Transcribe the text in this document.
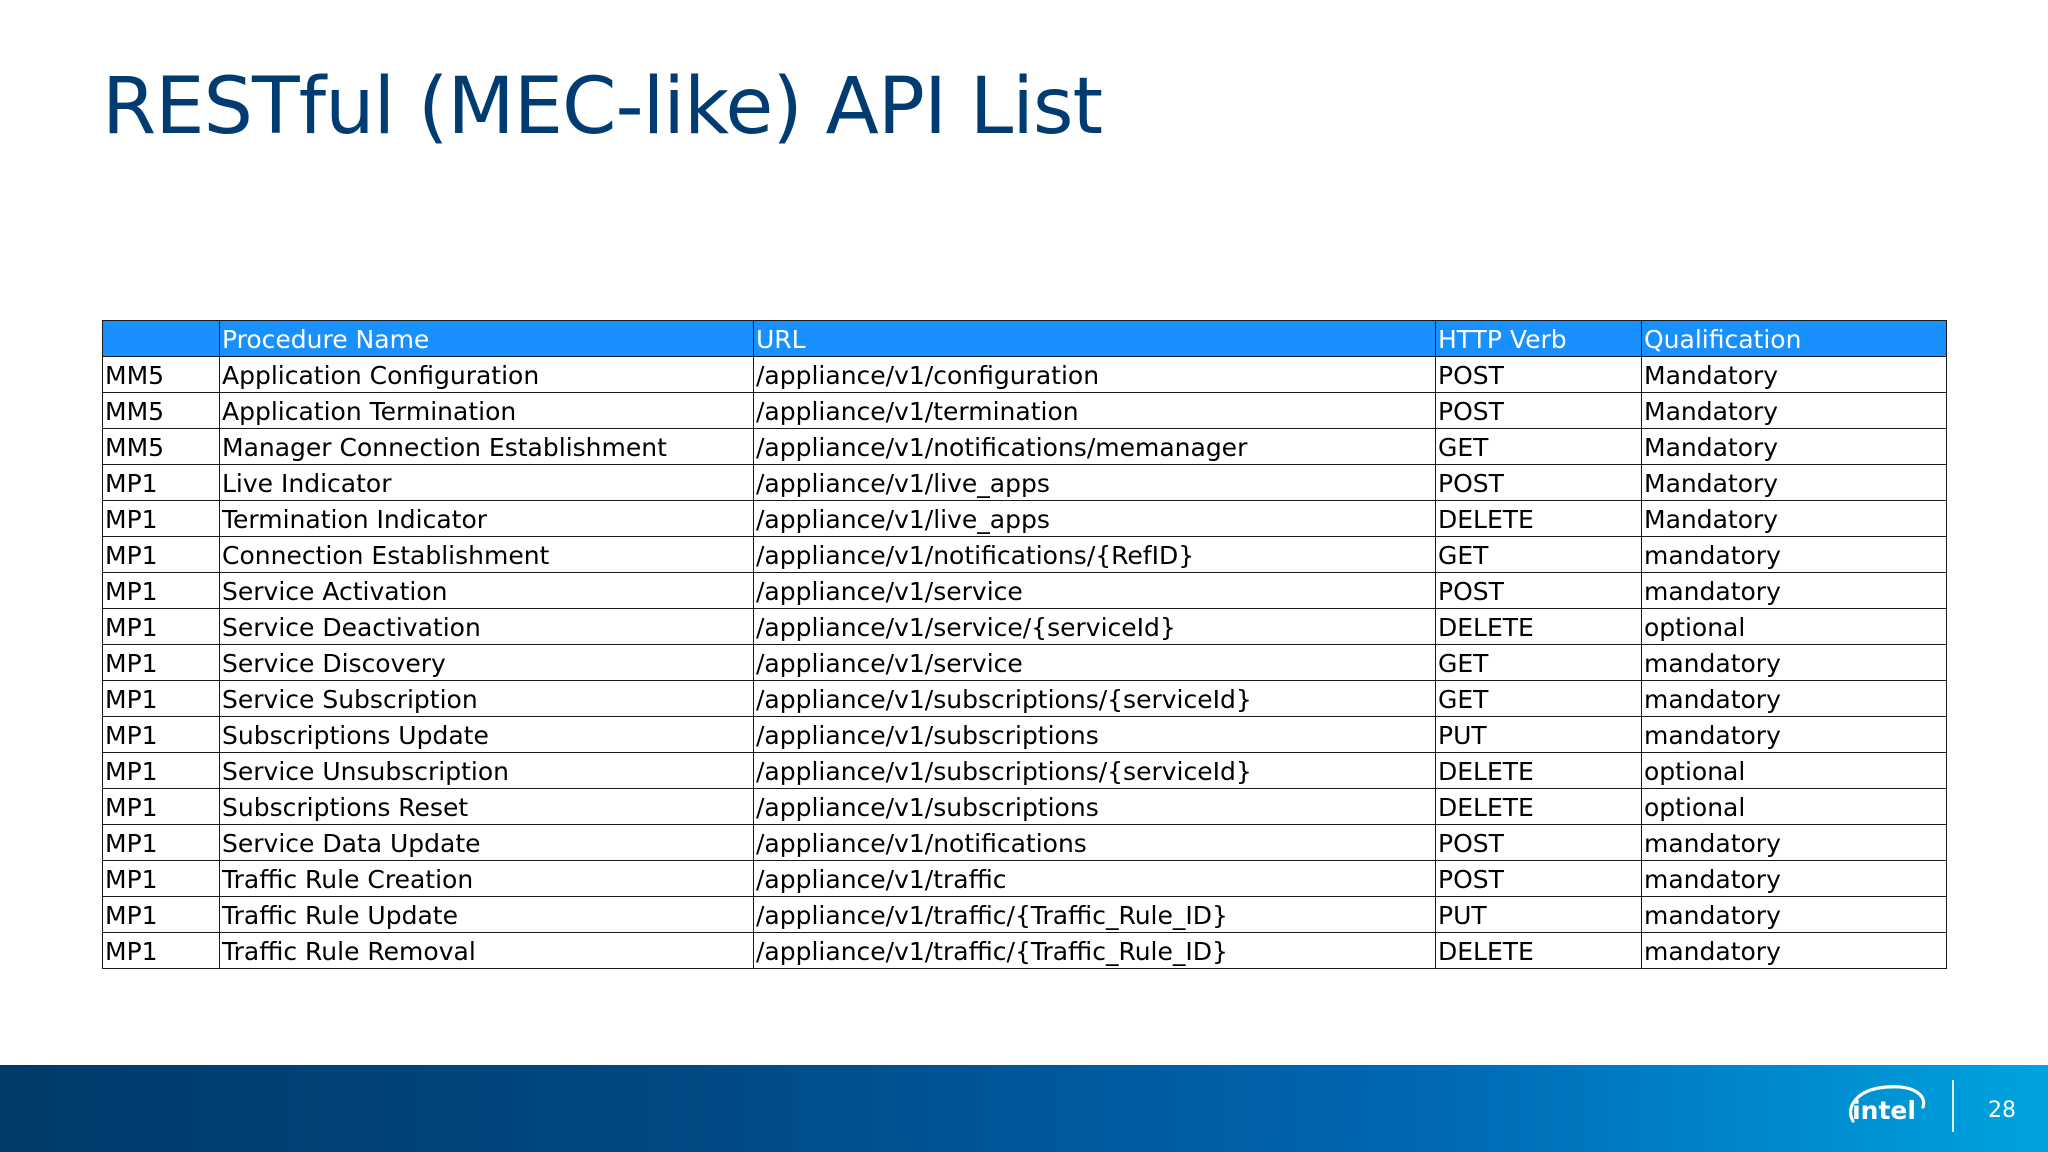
RESTful (MEC-like) API List
	Procedure Name	URL	HTTP Verb	Qualification
MM5	Application Configuration	/appliance/v1/configuration	POST	Mandatory
MM5	Application Termination	/appliance/v1/termination	POST	Mandatory
MM5	Manager Connection Establishment	/appliance/v1/notifications/memanager	GET	Mandatory
MP1	Live Indicator	/appliance/v1/live_apps	POST	Mandatory
MP1	Termination Indicator	/appliance/v1/live_apps	DELETE	Mandatory
MP1	Connection Establishment	/appliance/v1/notifications/{RefID}	GET	mandatory
MP1	Service Activation	/appliance/v1/service	POST	mandatory
MP1	Service Deactivation	/appliance/v1/service/{serviceId}	DELETE	optional
MP1	Service Discovery	/appliance/v1/service	GET	mandatory
MP1	Service Subscription	/appliance/v1/subscriptions/{serviceId}	GET	mandatory
MP1	Subscriptions Update	/appliance/v1/subscriptions	PUT	mandatory
MP1	Service Unsubscription	/appliance/v1/subscriptions/{serviceId}	DELETE	optional
MP1	Subscriptions Reset	/appliance/v1/subscriptions	DELETE	optional
MP1	Service Data Update	/appliance/v1/notifications	POST	mandatory
MP1	Traffic Rule Creation	/appliance/v1/traffic	POST	mandatory
MP1	Traffic Rule Update	/appliance/v1/traffic/{Traffic_Rule_ID}	PUT	mandatory
MP1	Traffic Rule Removal	/appliance/v1/traffic/{Traffic_Rule_ID}	DELETE	mandatory
intel	28
